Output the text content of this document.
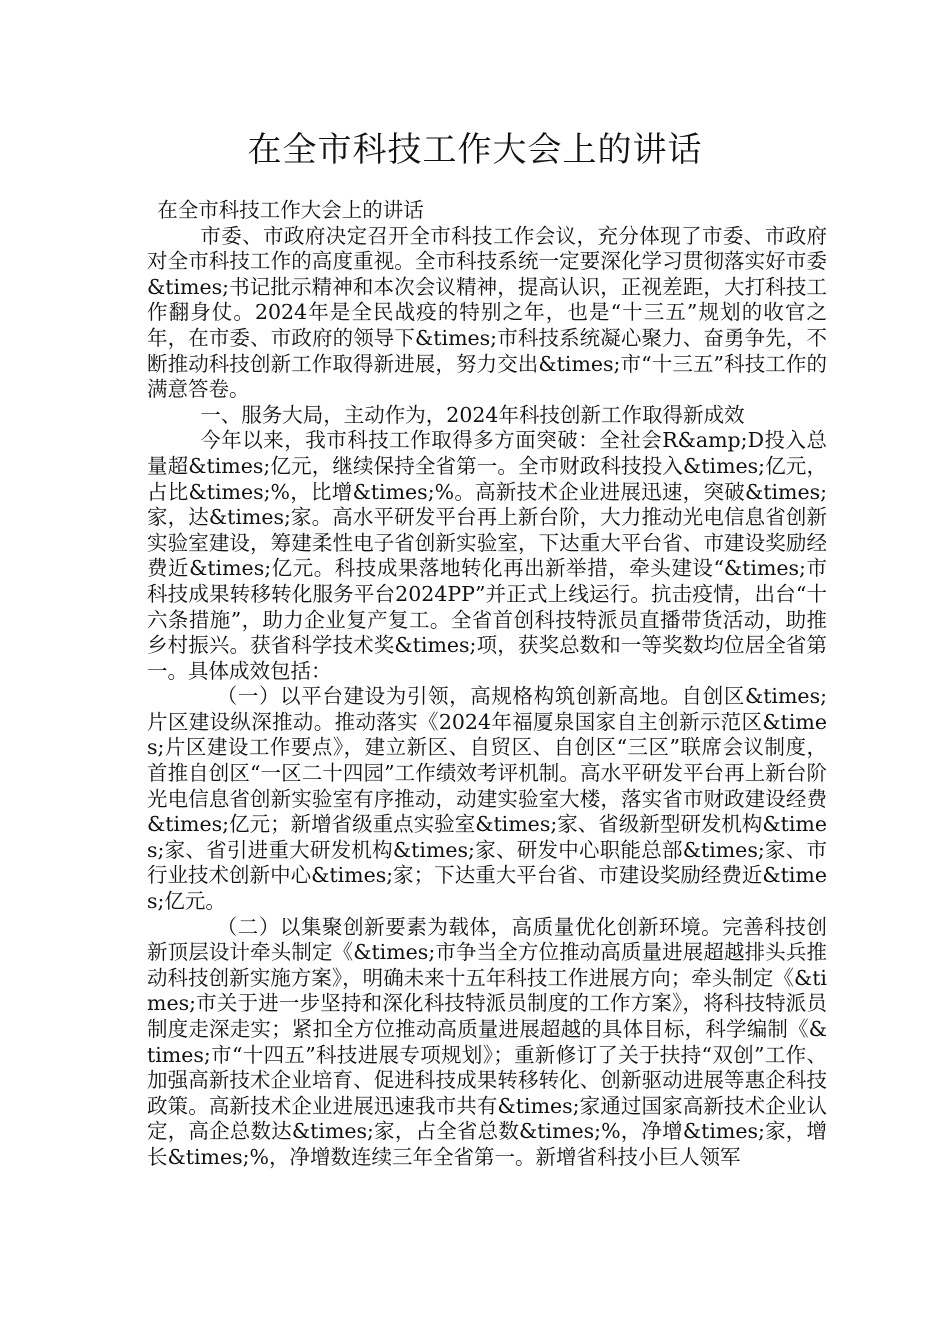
在全市科技工作大会上的讲话

在全市科技工作大会上的讲话

市委、市政府决定召开全市科技工作会议，充分体现了市委、市政府对全市科技工作的高度重视。全市科技系统一定要深化学习贯彻落实好市委&times;书记批示精神和本次会议精神，提高认识，正视差距，大打科技工作翻身仗。2024年是全民战疫的特别之年，也是“十三五”规划的收官之年，在市委、市政府的领导下&times;市科技系统凝心聚力、奋勇争先，不断推动科技创新工作取得新进展，努力交出&times;市“十三五”科技工作的满意答卷。

一、服务大局，主动作为，2024年科技创新工作取得新成效

今年以来，我市科技工作取得多方面突破：全社会R&amp;D投入总量超&times;亿元，继续保持全省第一。全市财政科技投入&times;亿元，占比&times;%，比增&times;%。高新技术企业进展迅速，突破&times;家，达&times;家。高水平研发平台再上新台阶，大力推动光电信息省创新实验室建设，筹建柔性电子省创新实验室，下达重大平台省、市建设奖励经费近&times;亿元。科技成果落地转化再出新举措，牵头建设“&times;市科技成果转移转化服务平台2024PP”并正式上线运行。抗击疫情，出台“十六条措施”，助力企业复产复工。全省首创科技特派员直播带货活动，助推乡村振兴。获省科学技术奖&times;项，获奖总数和一等奖数均位居全省第一。具体成效包括：

（一）以平台建设为引领，高规格构筑创新高地。自创区&times;片区建设纵深推动。推动落实《2024年福厦泉国家自主创新示范区&times;片区建设工作要点》，建立新区、自贸区、自创区“三区”联席会议制度，首推自创区“一区二十四园”工作绩效考评机制。高水平研发平台再上新台阶光电信息省创新实验室有序推动，动建实验室大楼，落实省市财政建设经费&times;亿元；新增省级重点实验室&times;家、省级新型研发机构&times;家、省引进重大研发机构&times;家、研发中心职能总部&times;家、市行业技术创新中心&times;家；下达重大平台省、市建设奖励经费近&times;亿元。

（二）以集聚创新要素为载体，高质量优化创新环境。完善科技创新顶层设计牵头制定《&times;市争当全方位推动高质量进展超越排头兵推动科技创新实施方案》，明确未来十五年科技工作进展方向；牵头制定《&times;市关于进一步坚持和深化科技特派员制度的工作方案》，将科技特派员制度走深走实；紧扣全方位推动高质量进展超越的具体目标，科学编制《&times;市“十四五”科技进展专项规划》；重新修订了关于扶持“双创”工作、加强高新技术企业培育、促进科技成果转移转化、创新驱动进展等惠企科技政策。高新技术企业进展迅速我市共有&times;家通过国家高新技术企业认定，高企总数达&times;家，占全省总数&times;%，净增&times;家，增长&times;%，净增数连续三年全省第一。新增省科技小巨人领军
